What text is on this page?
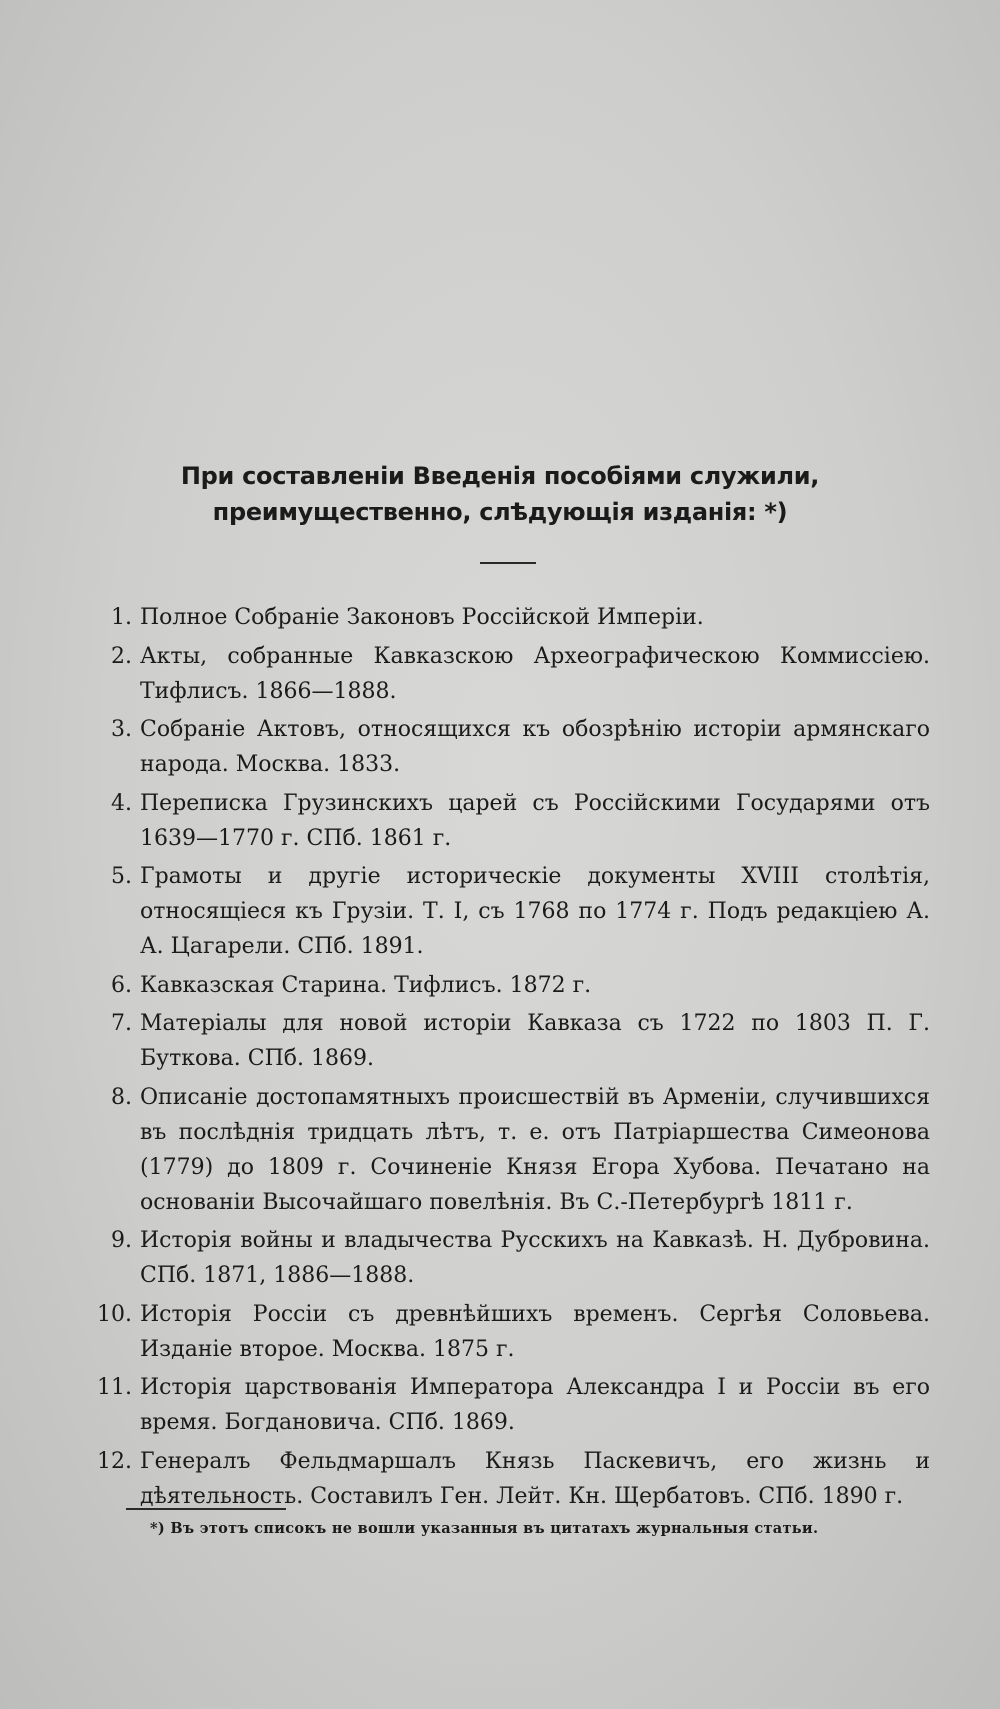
При составленіи Введенія пособіями служили, преимущественно, слѣдующія изданія: *)
1. Полное Собраніе Законовъ Россійской Имперіи.
2. Акты, собранные Кавказскою Археографическою Коммиссіею. Тифлисъ. 1866—1888.
3. Собраніе Актовъ, относящихся къ обозрѣнію исторіи армянскаго народа. Москва. 1833.
4. Переписка Грузинскихъ царей съ Россійскими Государями отъ 1639—1770 г. СПб. 1861 г.
5. Грамоты и другіе историческіе документы XVIII столѣтія, относящіеся къ Грузіи. Т. I, съ 1768 по 1774 г. Подъ редакціею А. А. Цагарели. СПб. 1891.
6. Кавказская Старина. Тифлисъ. 1872 г.
7. Матеріалы для новой исторіи Кавказа съ 1722 по 1803 П. Г. Буткова. СПб. 1869.
8. Описаніе достопамятныхъ происшествій въ Арменіи, случившихся въ послѣднія тридцать лѣтъ, т. е. отъ Патріаршества Симеонова (1779) до 1809 г. Сочиненіе Князя Егора Хубова. Печатано на основаніи Высочайшаго повелѣнія. Въ С.-Петербургѣ 1811 г.
9. Исторія войны и владычества Русскихъ на Кавказѣ. Н. Дубровина. СПб. 1871, 1886—1888.
10. Исторія Россіи съ древнѣйшихъ временъ. Сергѣя Соловьева. Изданіе второе. Москва. 1875 г.
11. Исторія царствованія Императора Александра I и Россіи въ его время. Богдановича. СПб. 1869.
12. Генералъ Фельдмаршалъ Князь Паскевичъ, его жизнь и дѣятельность. Составилъ Ген. Лейт. Кн. Щербатовъ. СПб. 1890 г.
*) Въ этотъ списокъ не вошли указанныя въ цитатахъ журнальныя статьи.
